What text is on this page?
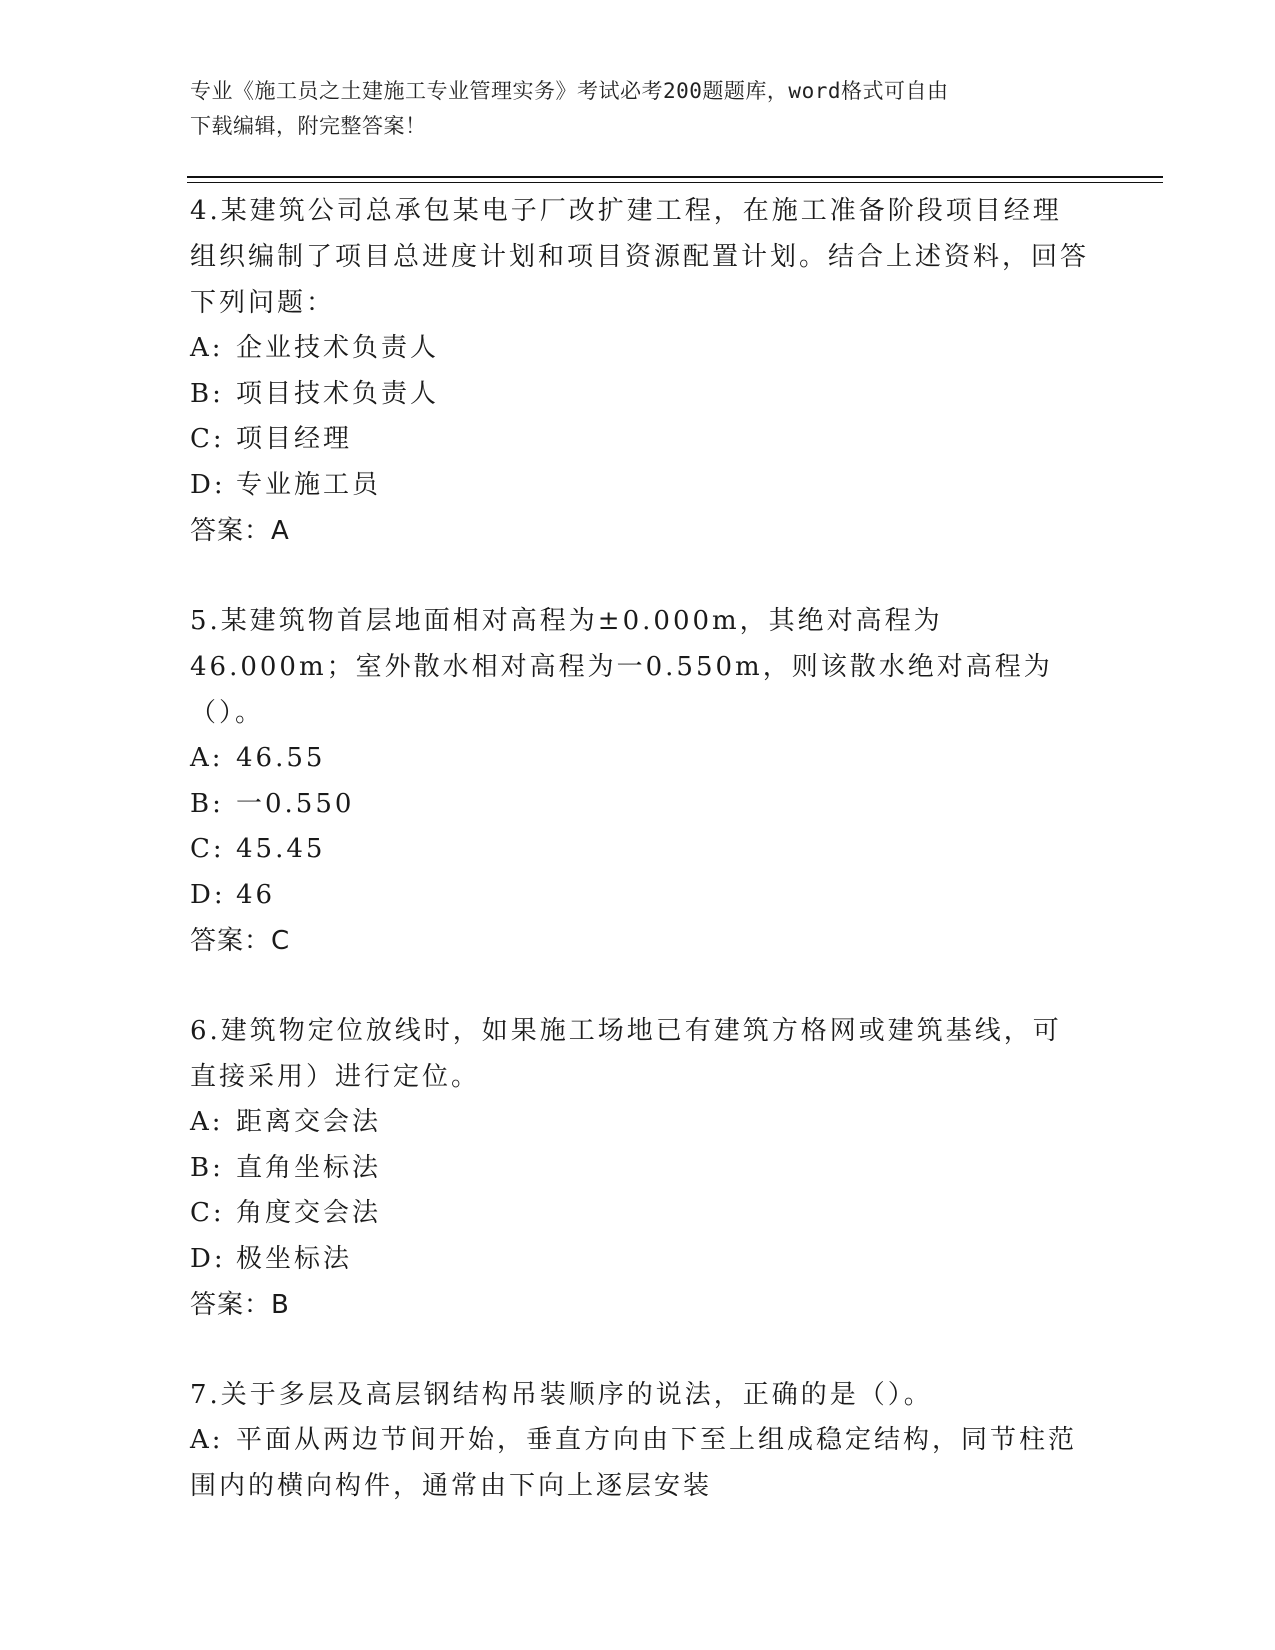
专业《施工员之土建施工专业管理实务》考试必考200题题库，word格式可自由
下载编辑，附完整答案！

4.某建筑公司总承包某电子厂改扩建工程，在施工准备阶段项目经理组织编制了项目总进度计划和项目资源配置计划。结合上述资料，回答下列问题：

A: 企业技术负责人

B: 项目技术负责人

C: 项目经理

D: 专业施工员

答案：A

5.某建筑物首层地面相对高程为±0.000m，其绝对高程为46.000m；室外散水相对高程为一0.550m，则该散水绝对高程为（）。

A: 46.55

B: 一0.550

C: 45.45

D: 46

答案：C

6.建筑物定位放线时，如果施工场地已有建筑方格网或建筑基线，可直接采用）进行定位。

A: 距离交会法

B: 直角坐标法

C: 角度交会法

D: 极坐标法

答案：B

7.关于多层及高层钢结构吊装顺序的说法，正确的是（）。

A: 平面从两边节间开始，垂直方向由下至上组成稳定结构，同节柱范围内的横向构件，通常由下向上逐层安装
